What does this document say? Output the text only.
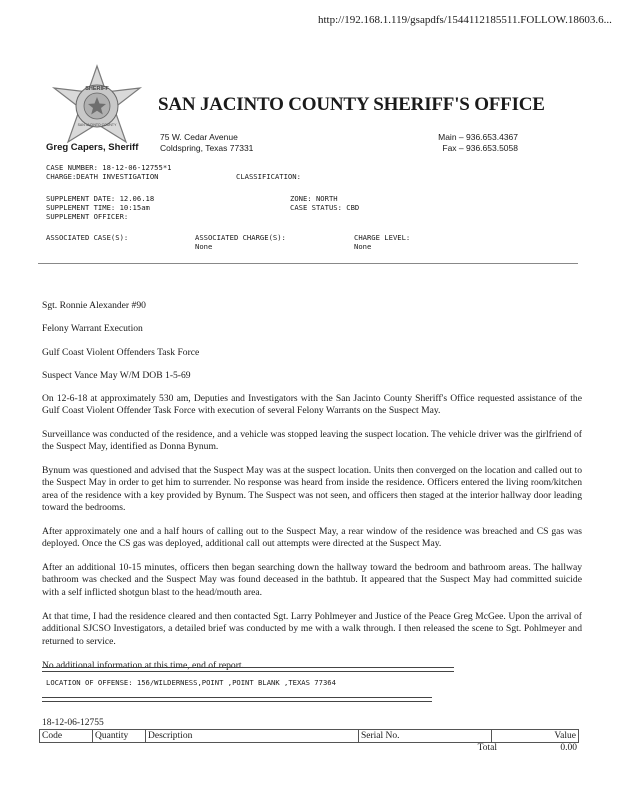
http://192.168.1.119/gsapdfs/1544112185511.FOLLOW.18603.6...
SHERIFF
SAN JACINTO COUNTY
SAN JACINTO COUNTY SHERIFF'S OFFICE
Greg Capers, Sheriff
75 W. Cedar Avenue
Coldspring, Texas 77331
Main – 936.653.4367
Fax – 936.653.5058
CASE NUMBER: 18-12-06-12755*1
CHARGE:DEATH INVESTIGATION	CLASSIFICATION:
SUPPLEMENT DATE: 12.06.18
SUPPLEMENT TIME: 10:15am
SUPPLEMENT OFFICER:
ZONE: NORTH
CASE STATUS: CBD
ASSOCIATED CASE(S):	ASSOCIATED CHARGE(S):
None
CHARGE LEVEL:
None
Sgt. Ronnie Alexander #90
Felony Warrant Execution
Gulf Coast Violent Offenders Task Force
Suspect Vance May W/M DOB 1-5-69
On 12-6-18 at approximately 530 am, Deputies and Investigators with the San Jacinto County Sheriff's Office requested assistance of the Gulf Coast Violent Offender Task Force with execution of several Felony Warrants on the Suspect May.
Surveillance was conducted of the residence, and a vehicle was stopped leaving the suspect location. The vehicle driver was the girlfriend of the Suspect May, identified as Donna Bynum.
Bynum was questioned and advised that the Suspect May was at the suspect location. Units then converged on the location and called out to the Suspect May in order to get him to surrender. No response was heard from inside the residence. Officers entered the living room/kitchen area of the residence with a key provided by Bynum. The Suspect was not seen, and officers then staged at the interior hallway door leading toward the bedrooms.
After approximately one and a half hours of calling out to the Suspect May, a rear window of the residence was breached and CS gas was deployed. Once the CS gas was deployed, additional call out attempts were directed at the Suspect May.
After an additional 10-15 minutes, officers then began searching down the hallway toward the bedroom and bathroom areas. The hallway bathroom was checked and the Suspect May was found deceased in the bathtub. It appeared that the Suspect May had committed suicide with a self inflicted shotgun blast to the head/mouth area.
At that time, I had the residence cleared and then contacted Sgt. Larry Pohlmeyer and Justice of the Peace Greg McGee. Upon the arrival of additional SJCSO Investigators, a detailed brief was conducted by me with a walk through. I then released the scene to Sgt. Pohlmeyer and returned to service.
No additional information at this time, end of report.
LOCATION OF OFFENSE: 156/WILDERNESS,POINT ,POINT BLANK ,TEXAS 77364
18-12-06-12755
Code	Quantity	Description	Serial No.	Value
Total	0.00
